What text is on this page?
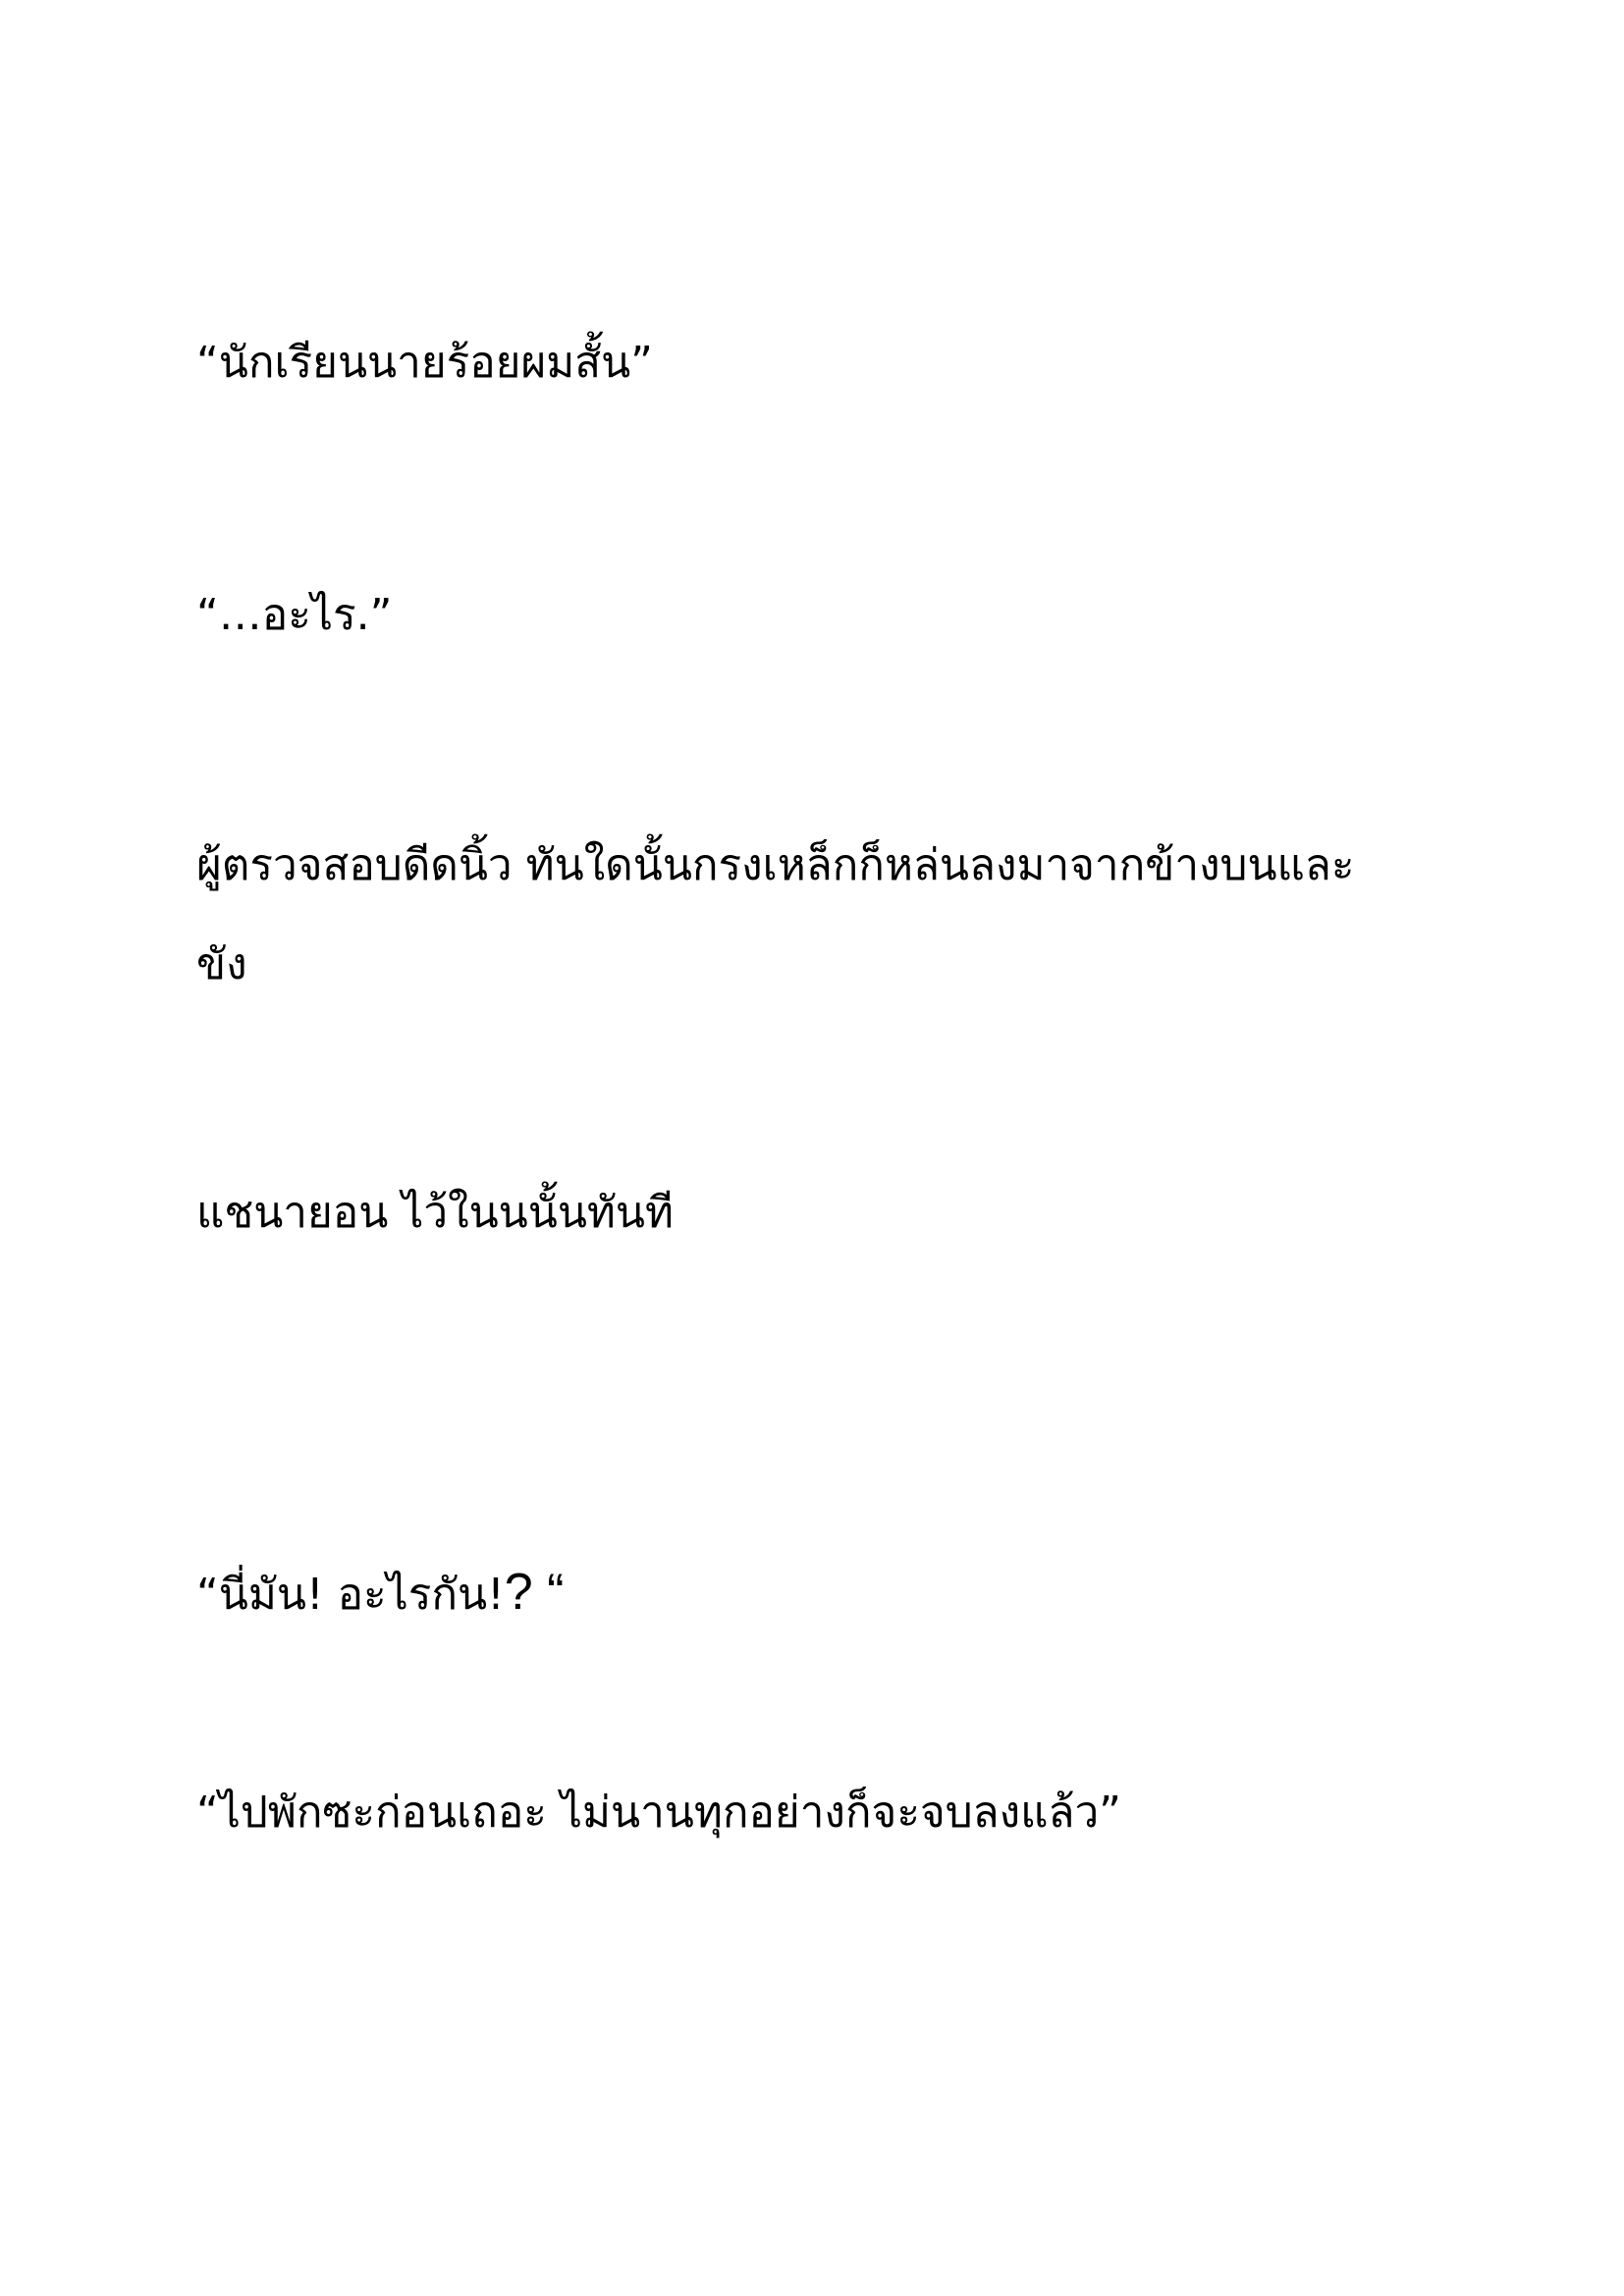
“นักเรียนนายร้อยผมสั้น”

“…อะไร.”

ผู้ตรวจสอบดีดนิ้ว ทันใดนั้นกรงเหล็กก็หล่นลงมาจากข้างบนและ

ขัง

แชนายอน ไว้ในนนั้นทันที

“นี่มัน! อะไรกัน!? “

“ไปพักซะก่อนเถอะ ไม่นานทุกอย่างก็จะจบลงแล้ว”
